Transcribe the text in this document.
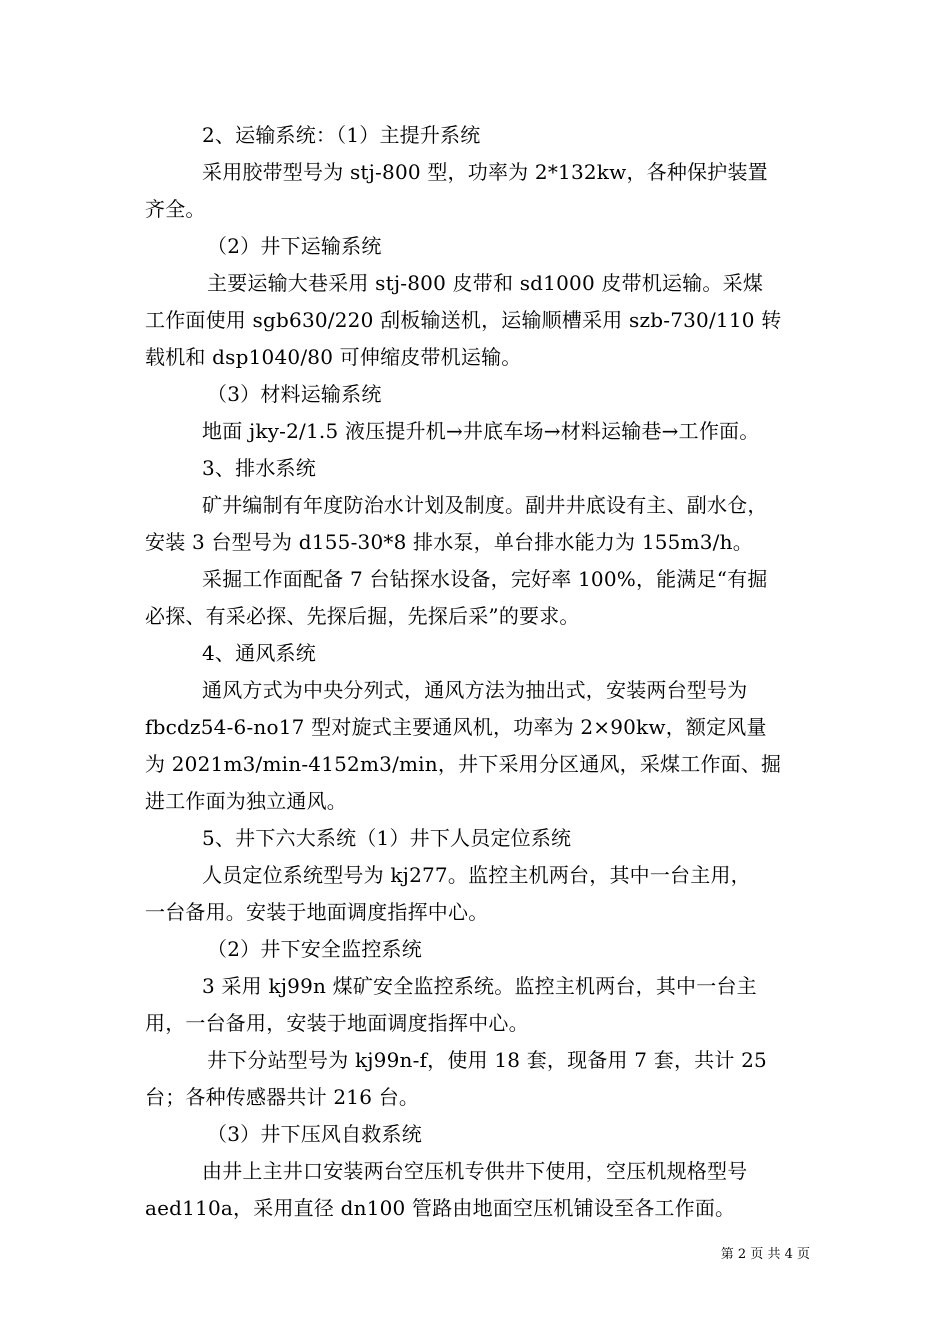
2、运输系统：（1）主提升系统
采用胶带型号为 stj-800 型，功率为 2*132kw，各种保护装置
齐全。
（2）井下运输系统
主要运输大巷采用 stj-800 皮带和 sd1000 皮带机运输。采煤
工作面使用 sgb630/220 刮板输送机，运输顺槽采用 szb-730/110 转
载机和 dsp1040/80 可伸缩皮带机运输。
（3）材料运输系统
地面 jky-2/1.5 液压提升机→井底车场→材料运输巷→工作面。
3、排水系统
矿井编制有年度防治水计划及制度。副井井底设有主、副水仓，
安装 3 台型号为 d155-30*8 排水泵，单台排水能力为 155m3/h。
采掘工作面配备 7 台钻探水设备，完好率 100%，能满足“有掘
必探、有采必探、先探后掘，先探后采”的要求。
4、通风系统
通风方式为中央分列式，通风方法为抽出式，安装两台型号为
fbcdz54-6-no17 型对旋式主要通风机，功率为 2×90kw，额定风量
为 2021m3/min-4152m3/min，井下采用分区通风，采煤工作面、掘
进工作面为独立通风。
5、井下六大系统（1）井下人员定位系统
人员定位系统型号为 kj277。监控主机两台，其中一台主用，
一台备用。安装于地面调度指挥中心。
（2）井下安全监控系统
3 采用 kj99n 煤矿安全监控系统。监控主机两台，其中一台主
用，一台备用，安装于地面调度指挥中心。
井下分站型号为 kj99n-f，使用 18 套，现备用 7 套，共计 25
台；各种传感器共计 216 台。
（3）井下压风自救系统
由井上主井口安装两台空压机专供井下使用，空压机规格型号
aed110a，采用直径 dn100 管路由地面空压机铺设至各工作面。
第 2 页 共 4 页
